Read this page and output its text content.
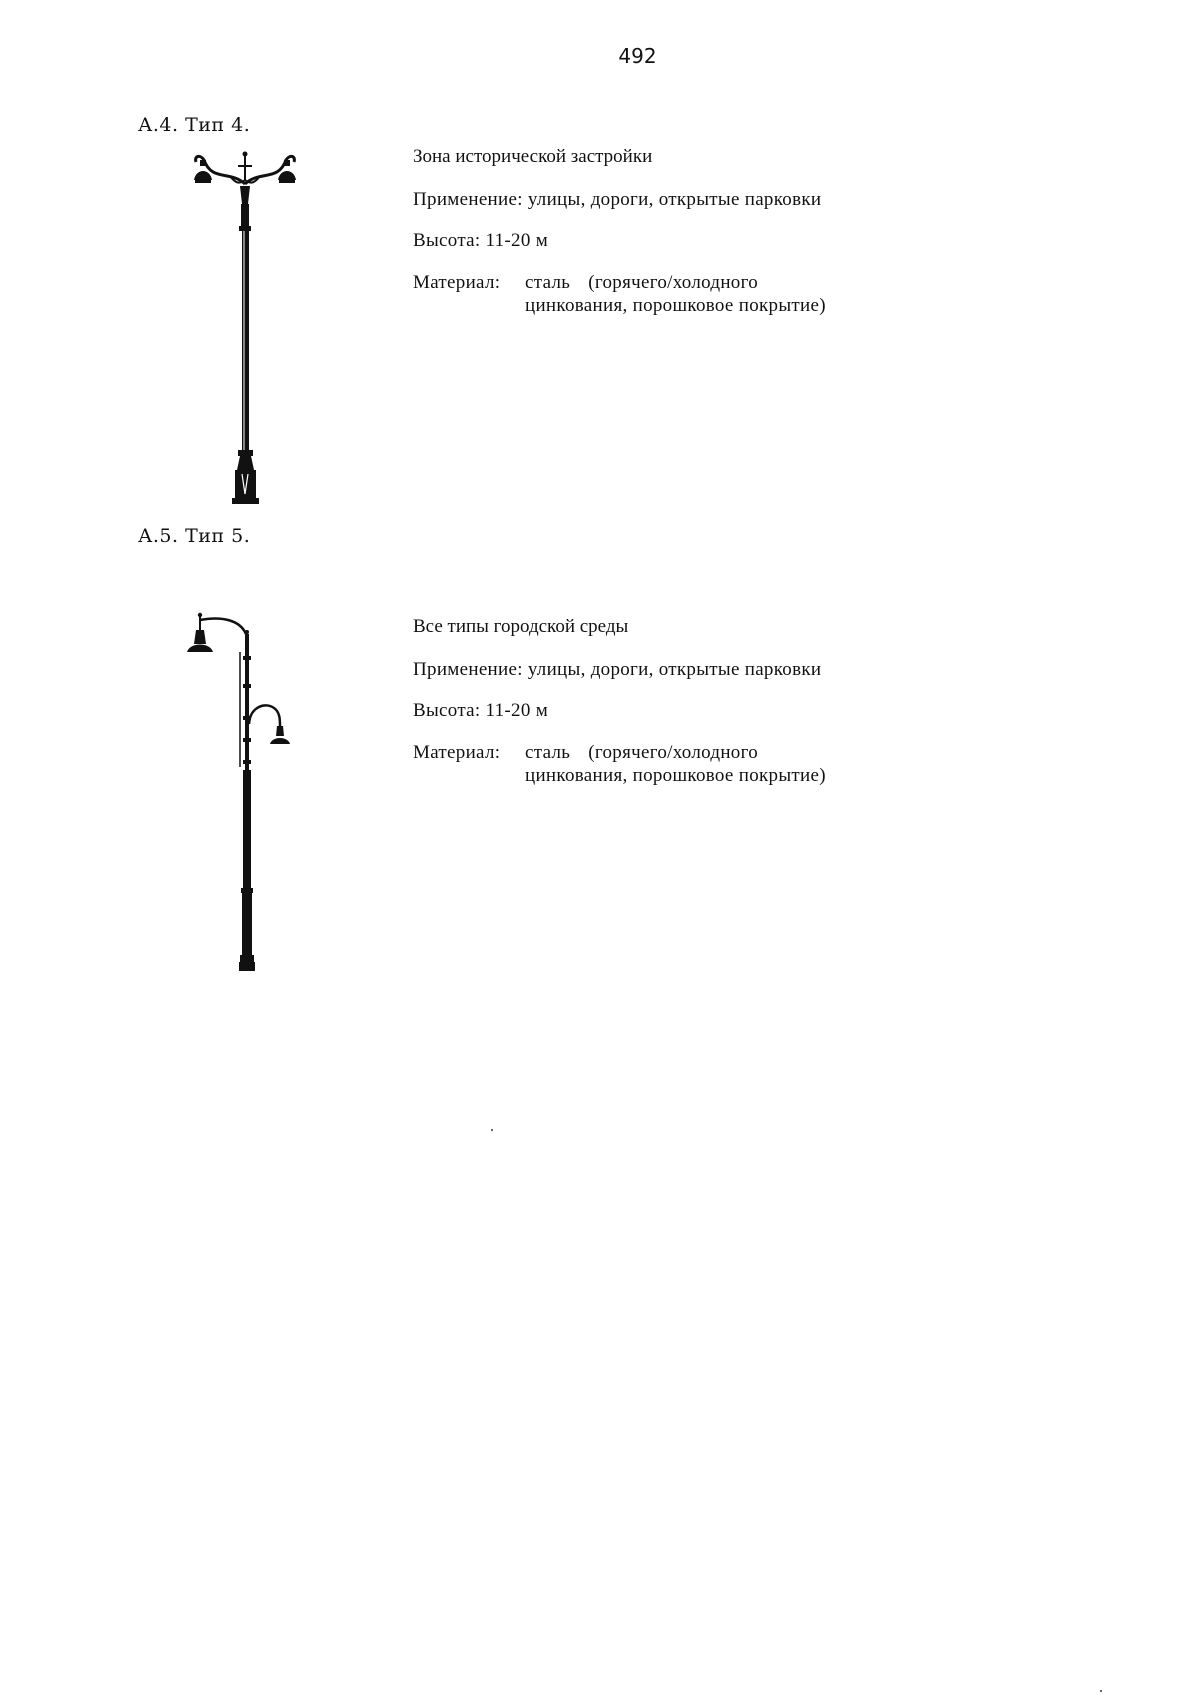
492
А.4. Тип 4.
Зона исторической застройки
Применение: улицы, дороги, открытые парковки
Высота: 11-20 м
Материал:	сталь (горячего/холодного
цинкования, порошковое покрытие)
А.5. Тип 5.
Все типы городской среды
Применение: улицы, дороги, открытые парковки
Высота: 11-20 м
Материал:	сталь (горячего/холодного
цинкования, порошковое покрытие)
